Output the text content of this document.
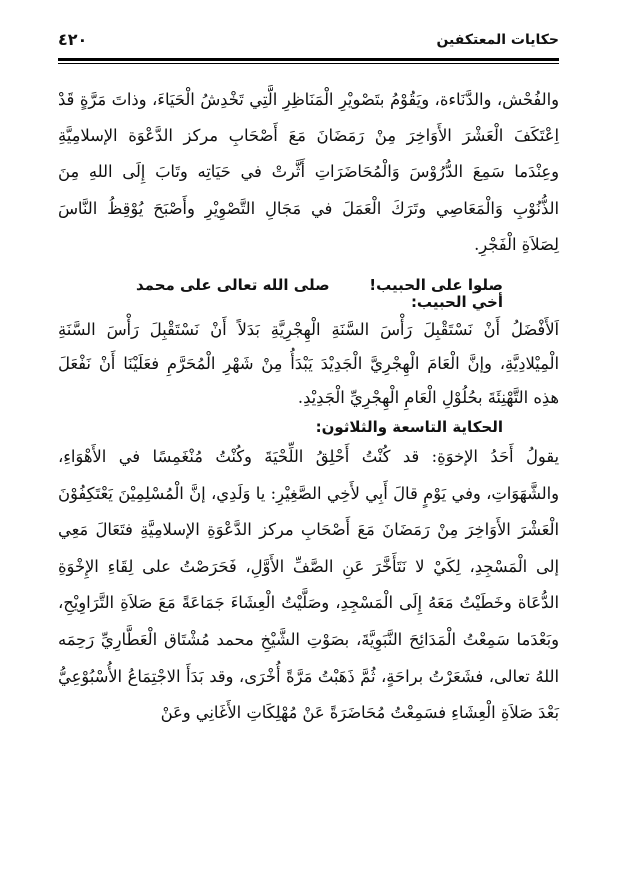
حكايات المعتكفين
٤٢٠

والفُحْش، والدَّنَاءة، ويَقُوْمُ بتَصْويْرِ الْمَنَاظِرِ الَّتِي تَخْدِشُ الْحَيَاءَ، وذاتَ مَرَّةٍ قَدْ اِعْتَكَفَ الْعَشْرَ الأَوَاخِرَ مِنْ رَمَضَانَ مَعَ أَصْحَابِ مركز الدَّعْوَة الإسلامِيَّةِ وعِنْدَما سَمِعَ الدُّرُوْسَ وَالْمُحَاضَرَاتِ أَثَّرتْ في حَيَاتِه وتَابَ إِلَى اللهِ مِنَ الذُّنُوْبِ وَالْمَعَاصِي وتَرَكَ الْعَمَلَ في مَجَالِ التَّصْوِيْرِ وأَصْبَحَ يُوْقِظُ النَّاسَ لِصَلاَةِ الْفَجْرِ.

صلوا على الحبيب!
صلى الله تعالى على محمد

أخي الحبيب:

اَلأَفْضَلُ أَنْ نَسْتَقْبِلَ رَأْسَ السَّنَةِ الْهِجْرِيَّةِ بَدَلاً أَنْ نَسْتَقْبِلَ رَأْسَ السَّنَةِ الْمِيْلادِيَّةِ، وإنَّ الْعَامَ الْهِجْرِيَّ الْجَدِيْدَ يَبْدَأُ مِنْ شَهْرِ الْمُحَرَّمِ فعَلَيْنَا أَنْ نَفْعَلَ هذِه التَّهْنِئَةَ بحُلُوْلِ الْعَامِ الْهِجْرِيِّ الْجَدِيْدِ.

الحكاية التاسعة والثلاثون:

يقولُ أَحَدُ الإخوَةِ: قد كُنْتُ أَحْلِقُ اللِّحْيَةَ وكُنْتُ مُنْغَمِسًا في الأَهْوَاءِ، والشَّهَوَاتِ، وفي يَوْمٍ قالَ أَبِي لأَخِي الصَّغِيْرِ: يا وَلَدِي، إنَّ الْمُسْلِمِيْنَ يَعْتَكِفُوْنَ الْعَشْرَ الأَوَاخِرَ مِنْ رَمَضَانَ مَعَ أَصْحَابِ مركز الدَّعْوَةِ الإسلامِيَّةِ فتَعَالَ مَعِي إلى الْمَسْجِدِ، لِكَيْ لا نَتَأَخَّرَ عَنِ الصَّفِّ الأَوَّلِ، فَحَرَصْتُ على لِقَاءِ الإِخْوَةِ الدُّعَاة وخَطَيْتُ مَعَهُ إِلَى الْمَسْجِدِ، وصَلَّيْتُ الْعِشَاءَ جَمَاعَةً مَعَ صَلاَةِ التَّرَاوِيْحِ، وبَعْدَما سَمِعْتُ الْمَدَائِحَ النَّبَوِيَّةَ، بصَوْتِ الشَّيْخِ محمد مُشْتَاق الْعَطَّارِيِّ رَحِمَه اللهُ تعالى، فشَعَرْتُ براحَةٍ، ثُمَّ ذَهَبْتُ مَرَّةً أُخْرَى، وقد بَدَأَ الاجْتِمَاعُ الأُسْبُوْعِيُّ بَعْدَ صَلاَةِ الْعِشَاءِ فسَمِعْتُ مُحَاضَرَةً عَنْ مُهْلِكَاتِ الأَغَانِي وعَنْ
